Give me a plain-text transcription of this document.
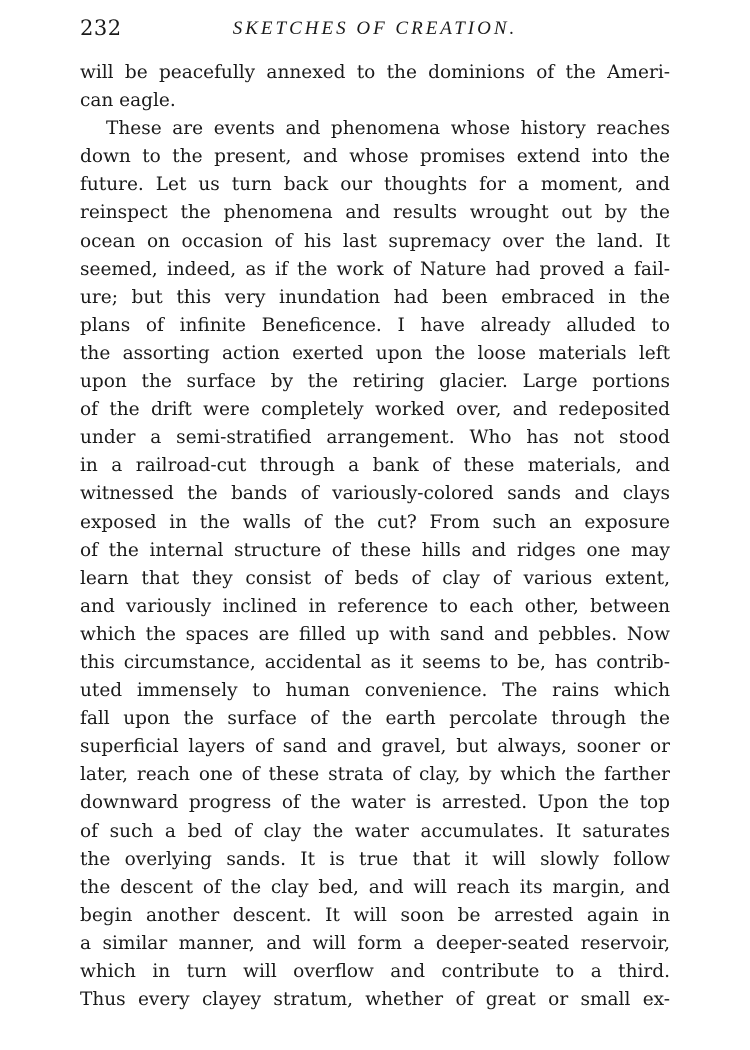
232	SKETCHES OF CREATION.
will be peacefully annexed to the dominions of the Ameri-
can eagle.
These are events and phenomena whose history reaches
down to the present, and whose promises extend into the
future. Let us turn back our thoughts for a moment, and
reinspect the phenomena and results wrought out by the
ocean on occasion of his last supremacy over the land. It
seemed, indeed, as if the work of Nature had proved a fail-
ure; but this very inundation had been embraced in the
plans of infinite Beneficence. I have already alluded to
the assorting action exerted upon the loose materials left
upon the surface by the retiring glacier. Large portions
of the drift were completely worked over, and redeposited
under a semi-stratified arrangement. Who has not stood
in a railroad-cut through a bank of these materials, and
witnessed the bands of variously-colored sands and clays
exposed in the walls of the cut? From such an exposure
of the internal structure of these hills and ridges one may
learn that they consist of beds of clay of various extent,
and variously inclined in reference to each other, between
which the spaces are filled up with sand and pebbles. Now
this circumstance, accidental as it seems to be, has contrib-
uted immensely to human convenience. The rains which
fall upon the surface of the earth percolate through the
superficial layers of sand and gravel, but always, sooner or
later, reach one of these strata of clay, by which the farther
downward progress of the water is arrested. Upon the top
of such a bed of clay the water accumulates. It saturates
the overlying sands. It is true that it will slowly follow
the descent of the clay bed, and will reach its margin, and
begin another descent. It will soon be arrested again in
a similar manner, and will form a deeper-seated reservoir,
which in turn will overflow and contribute to a third.
Thus every clayey stratum, whether of great or small ex-
